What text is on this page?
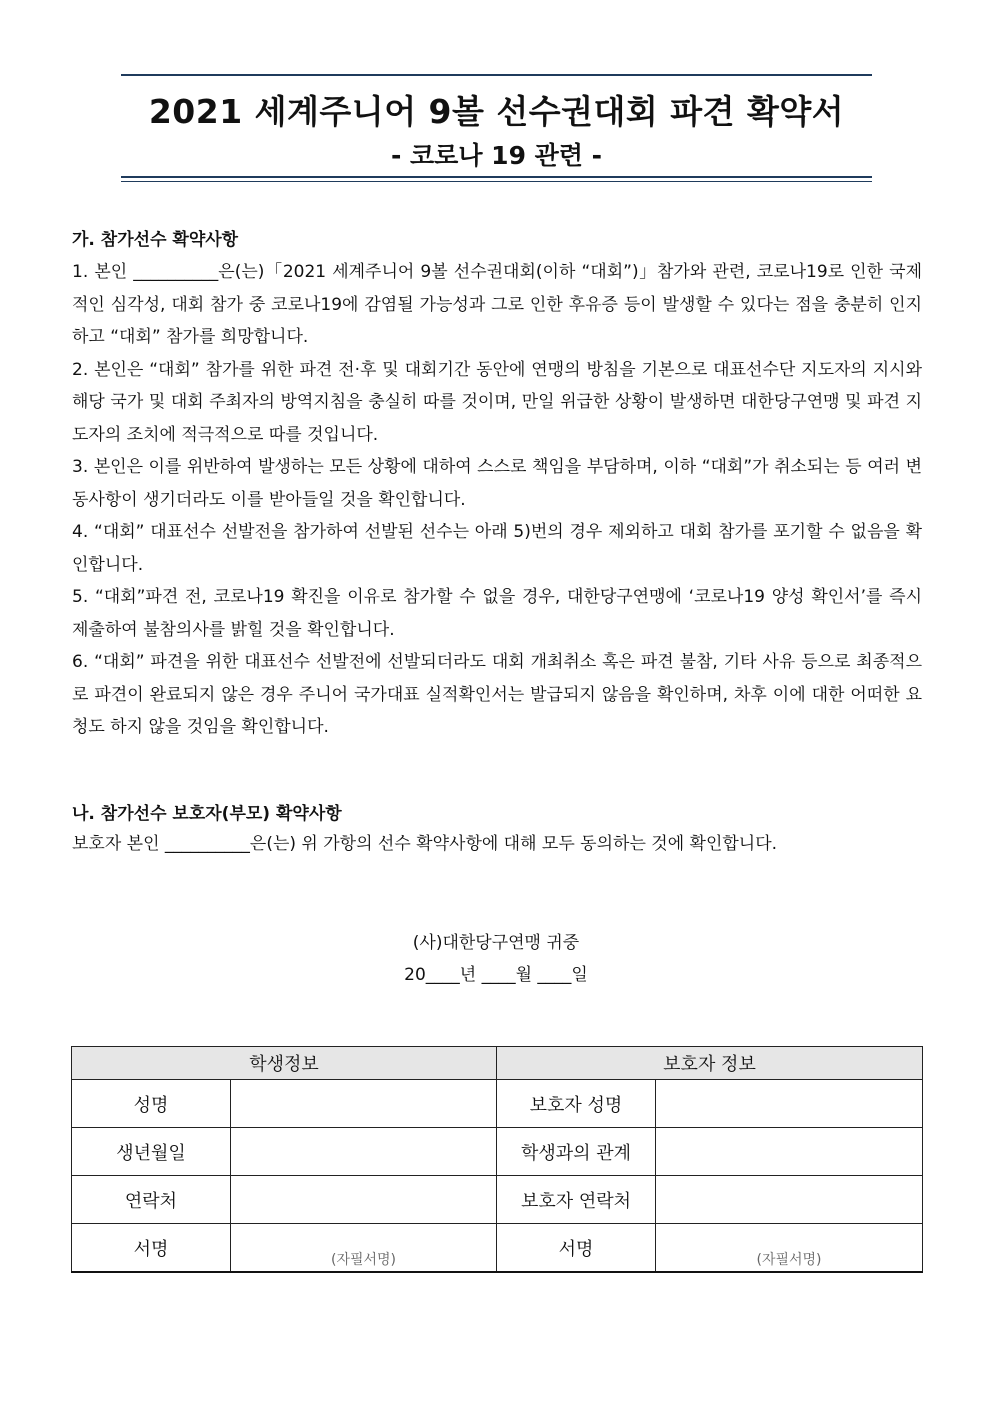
2021 세계주니어 9볼 선수권대회 파견 확약서
- 코로나 19 관련 -
가. 참가선수 확약사항

1. 본인 __________은(는)「2021 세계주니어 9볼 선수권대회(이하 “대회”)」참가와 관련, 코로나19로 인한 국제적인 심각성, 대회 참가 중 코로나19에 감염될 가능성과 그로 인한 후유증 등이 발생할 수 있다는 점을 충분히 인지하고 “대회” 참가를 희망합니다.

2. 본인은 “대회” 참가를 위한 파견 전·후 및 대회기간 동안에 연맹의 방침을 기본으로 대표선수단 지도자의 지시와 해당 국가 및 대회 주최자의 방역지침을 충실히 따를 것이며, 만일 위급한 상황이 발생하면 대한당구연맹 및 파견 지도자의 조치에 적극적으로 따를 것입니다.

3. 본인은 이를 위반하여 발생하는 모든 상황에 대하여 스스로 책임을 부담하며, 이하 “대회”가 취소되는 등 여러 변동사항이 생기더라도 이를 받아들일 것을 확인합니다.

4. “대회” 대표선수 선발전을 참가하여 선발된 선수는 아래 5)번의 경우 제외하고 대회 참가를 포기할 수 없음을 확인합니다.

5. “대회”파견 전, 코로나19 확진을 이유로 참가할 수 없을 경우, 대한당구연맹에 ‘코로나19 양성 확인서’를 즉시 제출하여 불참의사를 밝힐 것을 확인합니다.

6. “대회” 파견을 위한 대표선수 선발전에 선발되더라도 대회 개최취소 혹은 파견 불참, 기타 사유 등으로 최종적으로 파견이 완료되지 않은 경우 주니어 국가대표 실적확인서는 발급되지 않음을 확인하며, 차후 이에 대한 어떠한 요청도 하지 않을 것임을 확인합니다.

나. 참가선수 보호자(부모) 확약사항

보호자 본인 __________은(는) 위 가항의 선수 확약사항에 대해 모두 동의하는 것에 확인합니다.

(사)대한당구연맹 귀중
20____년 ____월 ____일
학생정보		보호자 정보	
성명		보호자 성명	
생년월일		학생과의 관계	
연락처		보호자 연락처	
서명	(자필서명)	서명	(자필서명)
